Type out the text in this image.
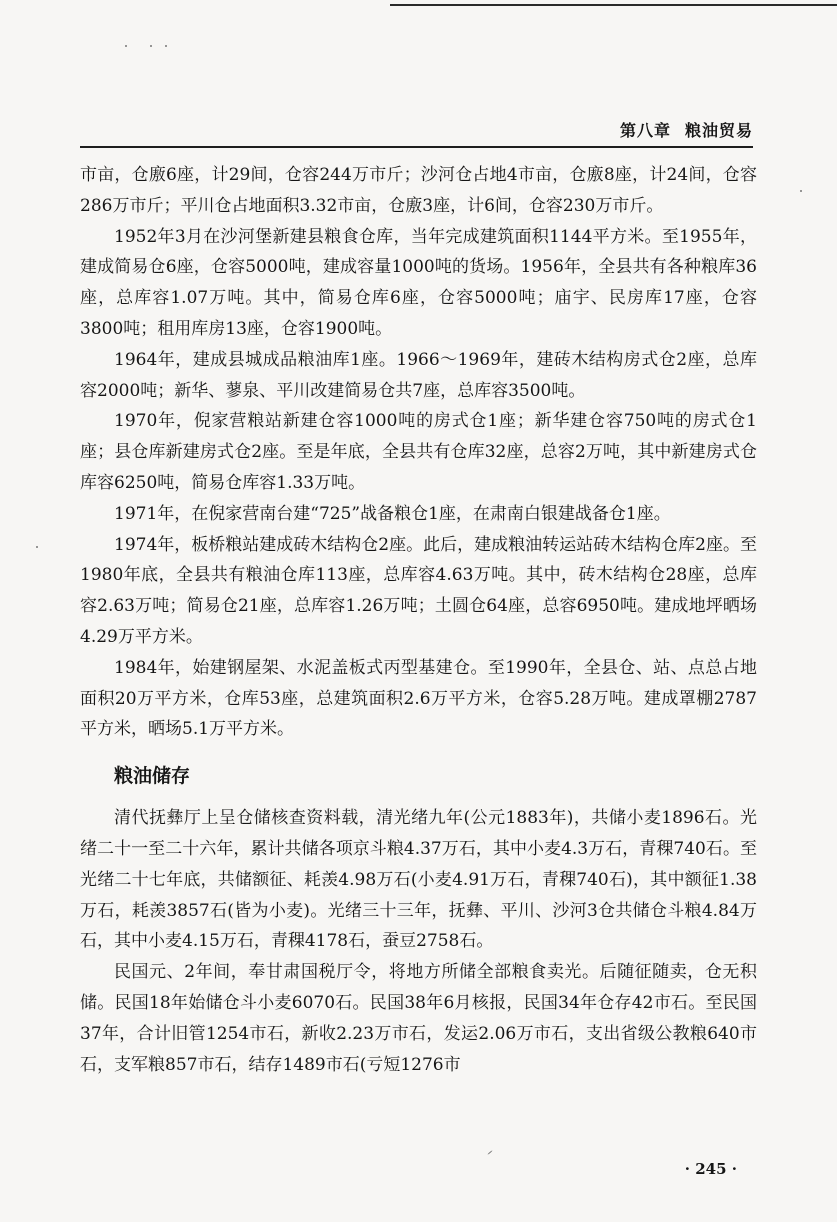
第八章 粮油贸易

市亩，仓廒6座，计29间，仓容244万市斤；沙河仓占地4市亩，仓廒8座，计24间，仓容286万市斤；平川仓占地面积3.32市亩，仓廒3座，计6间，仓容230万市斤。

1952年3月在沙河堡新建县粮食仓库，当年完成建筑面积1144平方米。至1955年，建成简易仓6座，仓容5000吨，建成容量1000吨的货场。1956年，全县共有各种粮库36座，总库容1.07万吨。其中，简易仓库6座，仓容5000吨；庙宇、民房库17座，仓容3800吨；租用库房13座，仓容1900吨。

1964年，建成县城成品粮油库1座。1966～1969年，建砖木结构房式仓2座，总库容2000吨；新华、蓼泉、平川改建简易仓共7座，总库容3500吨。

1970年，倪家营粮站新建仓容1000吨的房式仓1座；新华建仓容750吨的房式仓1座；县仓库新建房式仓2座。至是年底，全县共有仓库32座，总容2万吨，其中新建房式仓库容6250吨，简易仓库容1.33万吨。

1971年，在倪家营南台建“725”战备粮仓1座，在肃南白银建战备仓1座。

1974年，板桥粮站建成砖木结构仓2座。此后，建成粮油转运站砖木结构仓库2座。至1980年底，全县共有粮油仓库113座，总库容4.63万吨。其中，砖木结构仓28座，总库容2.63万吨；简易仓21座，总库容1.26万吨；土圆仓64座，总容6950吨。建成地坪晒场4.29万平方米。

1984年，始建钢屋架、水泥盖板式丙型基建仓。至1990年，全县仓、站、点总占地面积20万平方米，仓库53座，总建筑面积2.6万平方米，仓容5.28万吨。建成罩棚2787平方米，晒场5.1万平方米。

粮油储存

清代抚彝厅上呈仓储核查资料载，清光绪九年(公元1883年)，共储小麦1896石。光绪二十一至二十六年，累计共储各项京斗粮4.37万石，其中小麦4.3万石，青稞740石。至光绪二十七年底，共储额征、耗羡4.98万石(小麦4.91万石，青稞740石)，其中额征1.38万石，耗羡3857石(皆为小麦)。光绪三十三年，抚彝、平川、沙河3仓共储仓斗粮4.84万石，其中小麦4.15万石，青稞4178石，蚕豆2758石。

民国元、2年间，奉甘肃国税厅令，将地方所储全部粮食卖光。后随征随卖，仓无积储。民国18年始储仓斗小麦6070石。民国38年6月核报，民国34年仓存42市石。至民国37年，合计旧管1254市石，新收2.23万市石，发运2.06万市石，支出省级公教粮640市石，支军粮857市石，结存1489市石(亏短1276市

· 245 ·
